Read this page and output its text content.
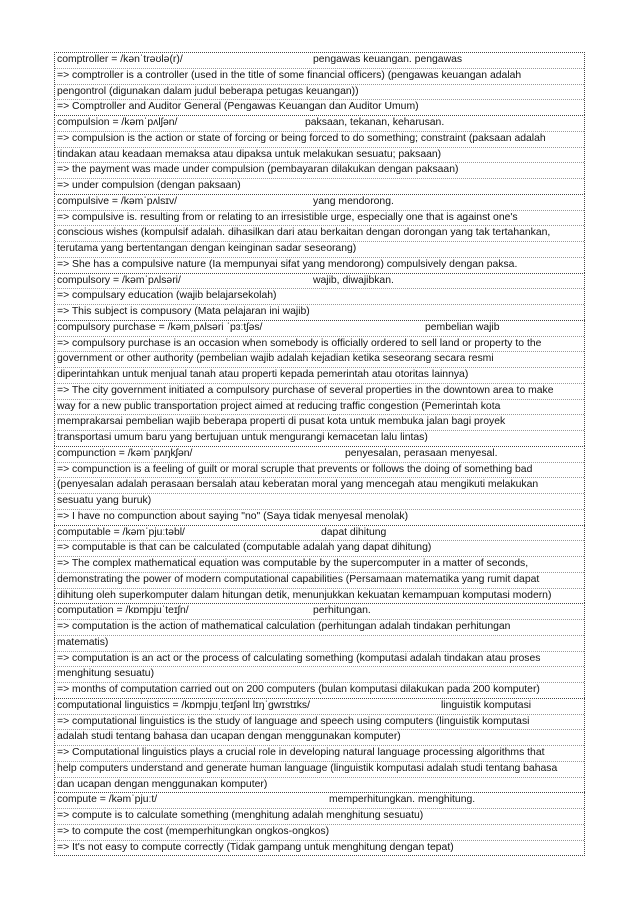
comptroller = /kənˈtrəʊlə(r)/	pengawas keuangan. pengawas
=> comptroller is a controller (used in the title of some financial officers) (pengawas keuangan adalah
pengontrol (digunakan dalam judul beberapa petugas keuangan))
=> Comptroller and Auditor General (Pengawas Keuangan dan Auditor Umum)
compulsion = /kəmˈpʌlʃən/	paksaan, tekanan, keharusan.
=> compulsion is the action or state of forcing or being forced to do something; constraint (paksaan adalah
tindakan atau keadaan memaksa atau dipaksa untuk melakukan sesuatu; paksaan)
=> the payment was made under compulsion (pembayaran dilakukan dengan paksaan)
=> under compulsion (dengan paksaan)
compulsive = /kəmˈpʌlsɪv/	yang mendorong.
=> compulsive is. resulting from or relating to an irresistible urge, especially one that is against one's
conscious wishes (kompulsif adalah. dihasilkan dari atau berkaitan dengan dorongan yang tak tertahankan,
terutama yang bertentangan dengan keinginan sadar seseorang)
=> She has a compulsive nature (Ia mempunyai sifat yang mendorong) compulsively dengan paksa.
compulsory = /kəmˈpʌlsəri/	wajib, diwajibkan.
=> compulsary education (wajib belajarsekolah)
=> This subject is compusory (Mata pelajaran ini wajib)
compulsory purchase = /kəmˌpʌlsəri ˈpɜːtʃəs/	pembelian wajib
=> compulsory purchase is an occasion when somebody is officially ordered to sell land or property to the
government or other authority (pembelian wajib adalah kejadian ketika seseorang secara resmi
diperintahkan untuk menjual tanah atau properti kepada pemerintah atau otoritas lainnya)
=> The city government initiated a compulsory purchase of several properties in the downtown area to make
way for a new public transportation project aimed at reducing traffic congestion (Pemerintah kota
memprakarsai pembelian wajib beberapa properti di pusat kota untuk membuka jalan bagi proyek
transportasi umum baru yang bertujuan untuk mengurangi kemacetan lalu lintas)
compunction = /kəmˈpʌŋkʃən/	penyesalan, perasaan menyesal.
=> compunction is a feeling of guilt or moral scruple that prevents or follows the doing of something bad
(penyesalan adalah perasaan bersalah atau keberatan moral yang mencegah atau mengikuti melakukan
sesuatu yang buruk)
=> I have no compunction about saying "no" (Saya tidak menyesal menolak)
computable = /kəmˈpjuːtəbl/	dapat dihitung
=> computable is that can be calculated (computable adalah yang dapat dihitung)
=> The complex mathematical equation was computable by the supercomputer in a matter of seconds,
demonstrating the power of modern computational capabilities (Persamaan matematika yang rumit dapat
dihitung oleh superkomputer dalam hitungan detik, menunjukkan kekuatan kemampuan komputasi modern)
computation = /kɒmpjuˈteɪʃn/	perhitungan.
=> computation is the action of mathematical calculation (perhitungan adalah tindakan perhitungan
matematis)
=> computation is an act or the process of calculating something (komputasi adalah tindakan atau proses
menghitung sesuatu)
=> months of computation carried out on 200 computers (bulan komputasi dilakukan pada 200 komputer)
computational linguistics = /kɒmpjuˌteɪʃənl lɪŋˈɡwɪstɪks/	linguistik komputasi
=> computational linguistics is the study of language and speech using computers (linguistik komputasi
adalah studi tentang bahasa dan ucapan dengan menggunakan komputer)
=> Computational linguistics plays a crucial role in developing natural language processing algorithms that
help computers understand and generate human language (linguistik komputasi adalah studi tentang bahasa
dan ucapan dengan menggunakan komputer)
compute = /kəmˈpjuːt/	memperhitungkan. menghitung.
=> compute is to calculate something (menghitung adalah menghitung sesuatu)
=> to compute the cost (memperhitungkan ongkos-ongkos)
=> It's not easy to compute correctly (Tidak gampang untuk menghitung dengan tepat)
